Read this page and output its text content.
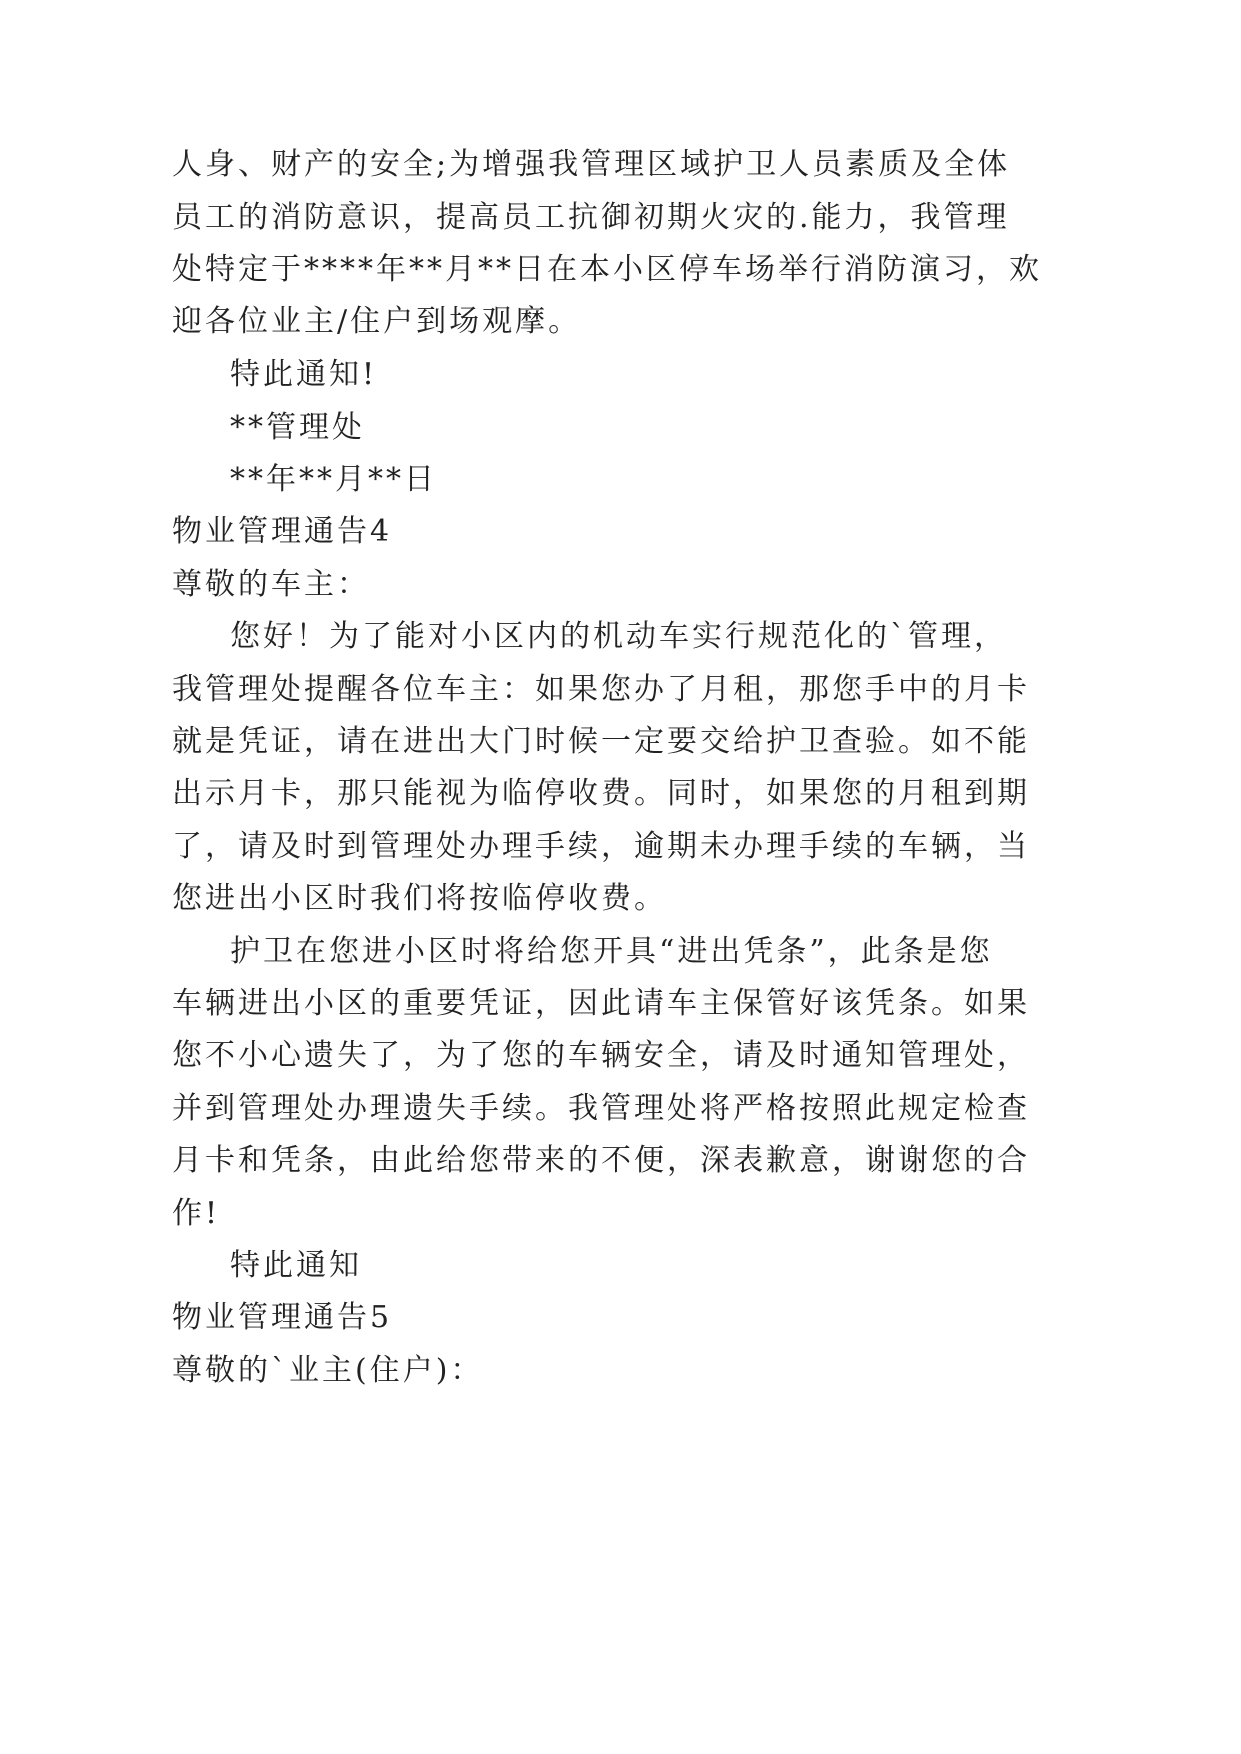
人身、财产的安全;为增强我管理区域护卫人员素质及全体
员工的消防意识，提高员工抗御初期火灾的.能力，我管理
处特定于****年**月**日在本小区停车场举行消防演习，欢
迎各位业主/住户到场观摩。
特此通知!
**管理处
**年**月**日
物业管理通告4
尊敬的车主：
您好！为了能对小区内的机动车实行规范化的`管理，
我管理处提醒各位车主：如果您办了月租，那您手中的月卡
就是凭证，请在进出大门时候一定要交给护卫查验。如不能
出示月卡，那只能视为临停收费。同时，如果您的月租到期
了，请及时到管理处办理手续，逾期未办理手续的车辆，当
您进出小区时我们将按临停收费。
护卫在您进小区时将给您开具“进出凭条”，此条是您
车辆进出小区的重要凭证，因此请车主保管好该凭条。如果
您不小心遗失了，为了您的车辆安全，请及时通知管理处，
并到管理处办理遗失手续。我管理处将严格按照此规定检查
月卡和凭条，由此给您带来的不便，深表歉意，谢谢您的合
作!
特此通知
物业管理通告5
尊敬的`业主(住户)：
